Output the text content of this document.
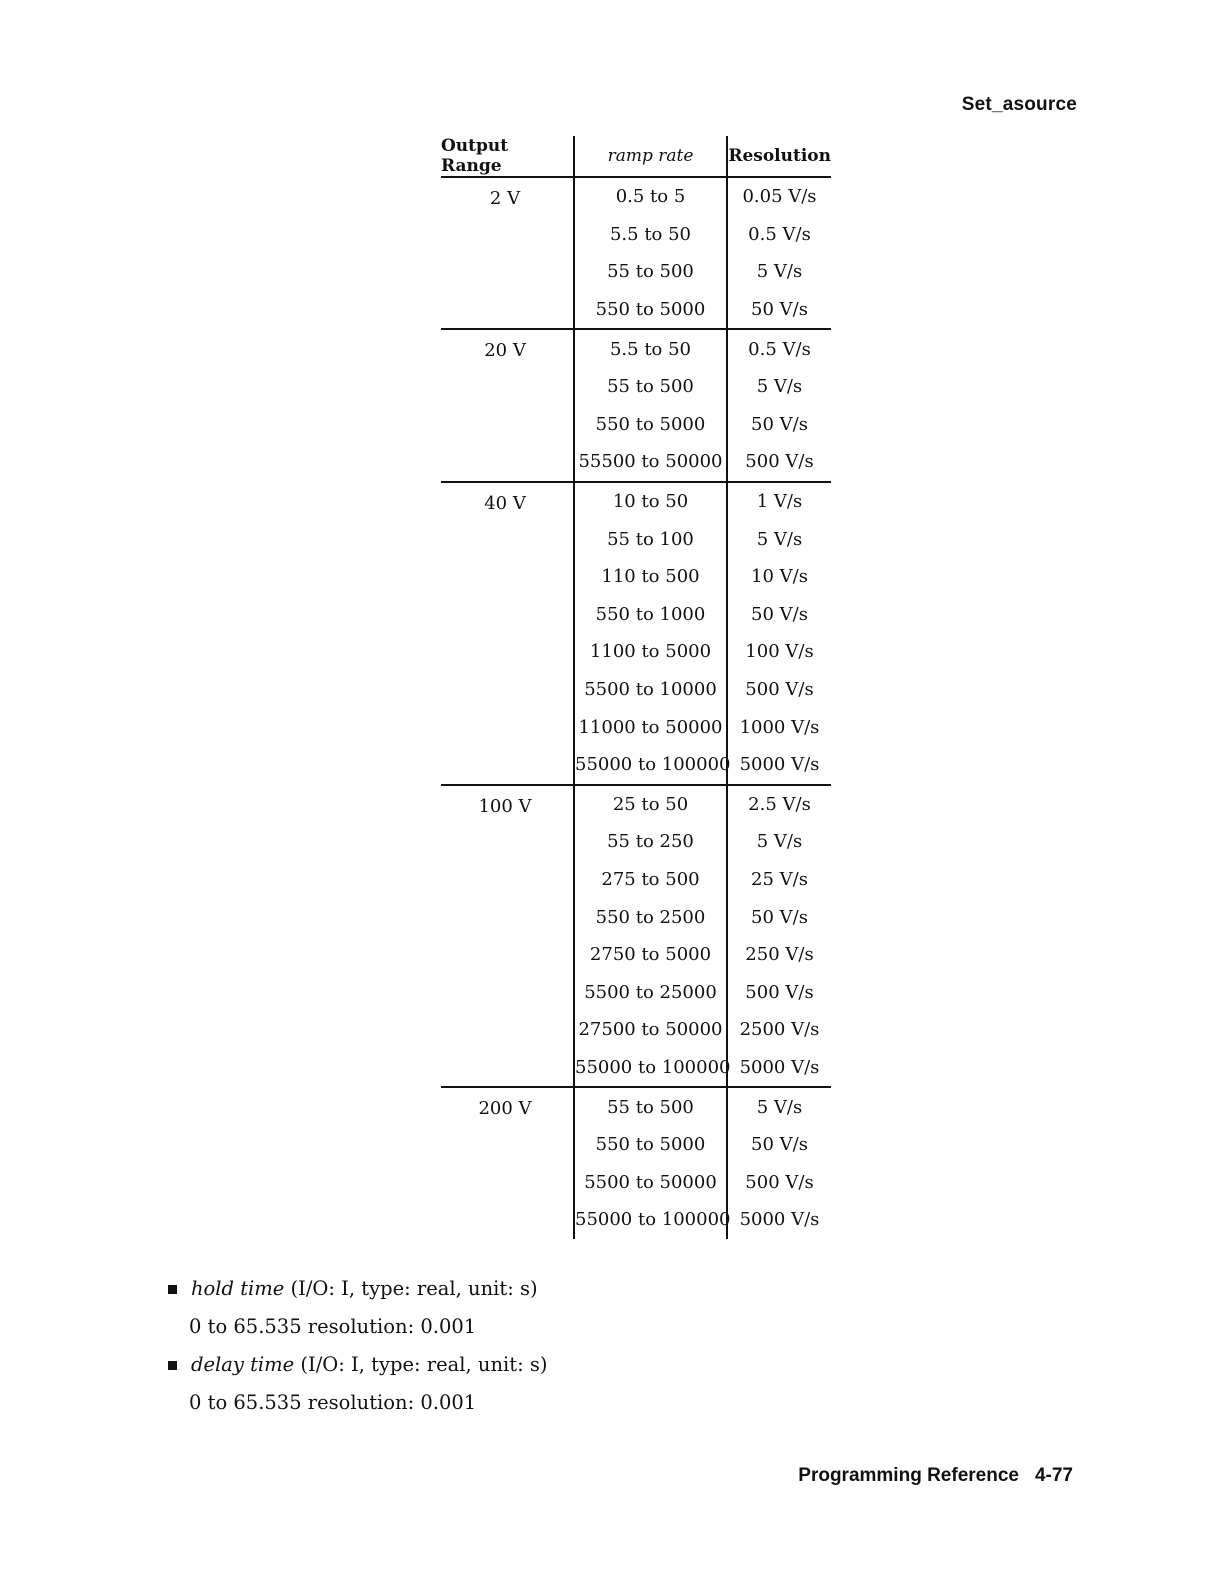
Set_asource
Output Range	ramp rate	Resolution
2 V	0.5 to 5	0.05 V/s
	5.5 to 50	0.5 V/s
	55 to 500	5 V/s
	550 to 5000	50 V/s
20 V	5.5 to 50	0.5 V/s
	55 to 500	5 V/s
	550 to 5000	50 V/s
	55500 to 50000	500 V/s
40 V	10 to 50	1 V/s
	55 to 100	5 V/s
	110 to 500	10 V/s
	550 to 1000	50 V/s
	1100 to 5000	100 V/s
	5500 to 10000	500 V/s
	11000 to 50000	1000 V/s
	55000 to 100000	5000 V/s
100 V	25 to 50	2.5 V/s
	55 to 250	5 V/s
	275 to 500	25 V/s
	550 to 2500	50 V/s
	2750 to 5000	250 V/s
	5500 to 25000	500 V/s
	27500 to 50000	2500 V/s
	55000 to 100000	5000 V/s
200 V	55 to 500	5 V/s
	550 to 5000	50 V/s
	5500 to 50000	500 V/s
	55000 to 100000	5000 V/s
hold time (I/O: I, type: real, unit: s)
0 to 65.535 resolution: 0.001
delay time (I/O: I, type: real, unit: s)
0 to 65.535 resolution: 0.001
Programming Reference 4-77
